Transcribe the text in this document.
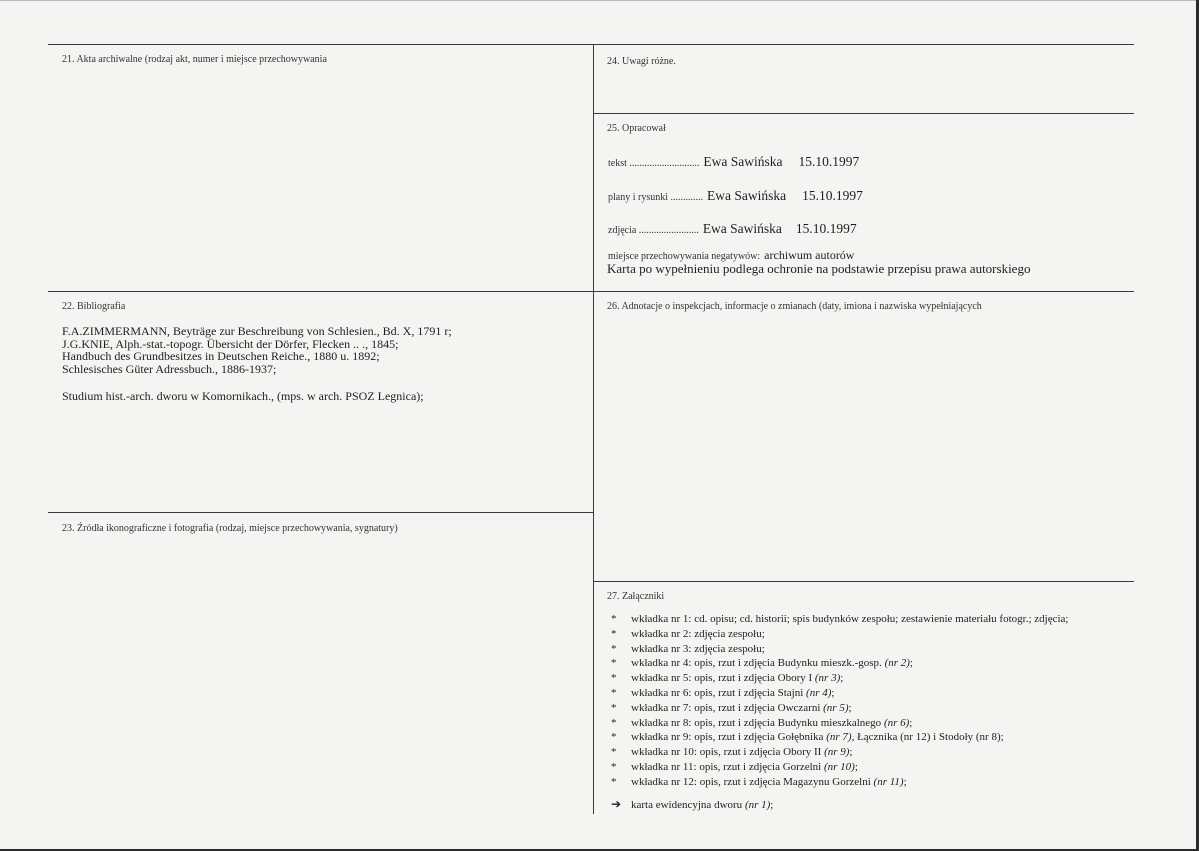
21. Akta archiwalne (rodzaj akt, numer i miejsce przechowywania
22. Bibliografia
F.A.ZIMMERMANN, Beyträge zur Beschreibung von Schlesien., Bd. X, 1791 r;
J.G.KNIE, Alph.-stat.-topogr. Übersicht der Dörfer, Flecken .. ., 1845;
Handbuch des Grundbesitzes in Deutschen Reiche., 1880 u. 1892;
Schlesisches Güter Adressbuch., 1886-1937;
Studium hist.-arch. dworu w Komornikach., (mps. w arch. PSOZ Legnica);
23. Źródła ikonograficzne i fotografia (rodzaj, miejsce przechowywania, sygnatury)
24. Uwagi różne.
25. Opracował
tekst ............................ Ewa Sawińska 15.10.1997
plany i rysunki ............. Ewa Sawińska 15.10.1997
zdjęcia ........................ Ewa Sawińska 15.10.1997
miejsce przechowywania negatywów: archiwum autorów
Karta po wypełnieniu podlega ochronie na podstawie przepisu prawa autorskiego
26. Adnotacje o inspekcjach, informacje o zmianach (daty, imiona i nazwiska wypełniających
27. Załączniki
*	wkładka nr 1: cd. opisu; cd. historii; spis budynków zespołu; zestawienie materiału fotogr.; zdjęcia;
*	wkładka nr 2: zdjęcia zespołu;
*	wkładka nr 3: zdjęcia zespołu;
*	wkładka nr 4: opis, rzut i zdjęcia Budynku mieszk.-gosp.
(nr 2) ;
*	wkładka nr 5: opis, rzut i zdjęcia Obory I
(nr 3) ;
*	wkładka nr 6: opis, rzut i zdjęcia Stajni
(nr 4) ;
*	wkładka nr 7: opis, rzut i zdjęcia Owczarni
(nr 5) ;
*	wkładka nr 8: opis, rzut i zdjęcia Budynku mieszkalnego
(nr 6) ;
*	wkładka nr 9: opis, rzut i zdjęcia Gołębnika
(nr 7) , Łącznika (nr 12) i Stodoły (nr 8);
*	wkładka nr 10: opis, rzut i zdjęcia Obory II
(nr 9) ;
*	wkładka nr 11: opis, rzut i zdjęcia Gorzelni
(nr 10) ;
*	wkładka nr 12: opis, rzut i zdjęcia Magazynu Gorzelni
(nr 11) ;
➔ karta ewidencyjna dworu
(nr 1) ;
